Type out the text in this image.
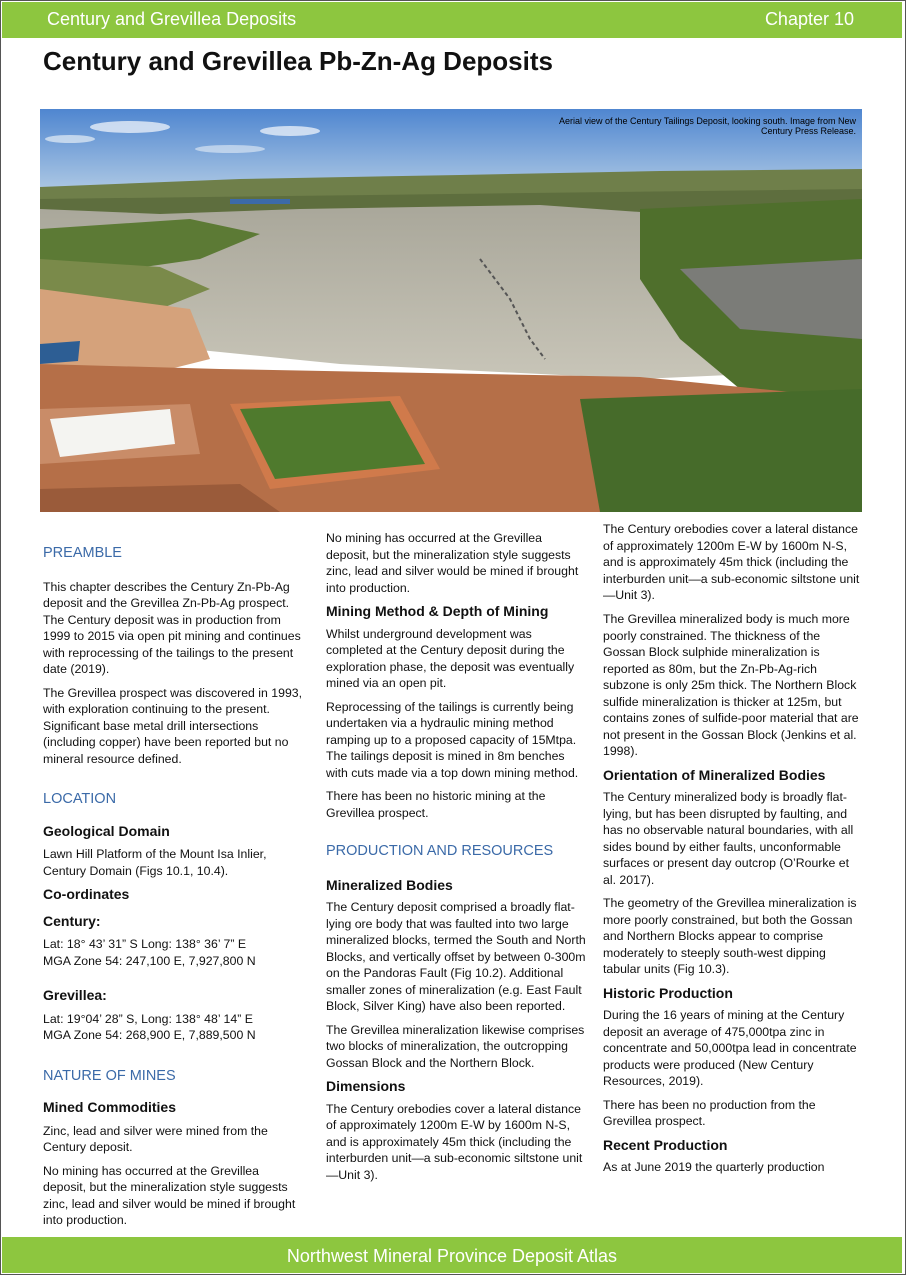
Century and Grevillea Deposits	Chapter 10
Century and Grevillea Pb-Zn-Ag Deposits
Aerial view of the Century Tailings Deposit, looking south. Image from New Century Press Release.

PREAMBLE

This chapter describes the Century Zn-Pb-Ag deposit and the Grevillea Zn-Pb-Ag prospect. The Century deposit was in production from 1999 to 2015 via open pit mining and continues with reprocessing of the tailings to the present date (2019).

The Grevillea prospect was discovered in 1993, with exploration continuing to the present. Significant base metal drill intersections (including copper) have been reported but no mineral resource defined.

LOCATION

Geological Domain

Lawn Hill Platform of the Mount Isa Inlier, Century Domain (Figs 10.1, 10.4).

Co-ordinates

Century:

Lat: 18° 43’ 31” S Long: 138° 36’ 7” E

MGA Zone 54: 247,100 E, 7,927,800 N

Grevillea:

Lat: 19°04’ 28” S, Long: 138° 48’ 14” E

MGA Zone 54: 268,900 E, 7,889,500 N

NATURE OF MINES

Mined Commodities

Zinc, lead and silver were mined from the Century deposit.

No mining has occurred at the Grevillea deposit, but the mineralization style suggests zinc, lead and silver would be mined if brought into production.

No mining has occurred at the Grevillea deposit, but the mineralization style suggests zinc, lead and silver would be mined if brought into production.

Mining Method & Depth of Mining

Whilst underground development was completed at the Century deposit during the exploration phase, the deposit was eventually mined via an open pit.

Reprocessing of the tailings is currently being undertaken via a hydraulic mining method ramping up to a proposed capacity of 15Mtpa. The tailings deposit is mined in 8m benches with cuts made via a top down mining method.

There has been no historic mining at the Grevillea prospect.

PRODUCTION AND RESOURCES

Mineralized Bodies

The Century deposit comprised a broadly flat-lying ore body that was faulted into two large mineralized blocks, termed the South and North Blocks, and vertically offset by between 0-300m on the Pandoras Fault (Fig 10.2). Additional smaller zones of mineralization (e.g. East Fault Block, Silver King) have also been reported.

The Grevillea mineralization likewise comprises two blocks of mineralization, the outcropping Gossan Block and the Northern Block.

Dimensions

The Century orebodies cover a lateral distance of approximately 1200m E-W by 1600m N-S, and is approximately 45m thick (including the interburden unit—a sub-economic siltstone unit—Unit 3).

The Century orebodies cover a lateral distance of approximately 1200m E-W by 1600m N-S, and is approximately 45m thick (including the interburden unit—a sub-economic siltstone unit—Unit 3).

The Grevillea mineralized body is much more poorly constrained. The thickness of the Gossan Block sulphide mineralization is reported as 80m, but the Zn-Pb-Ag-rich subzone is only 25m thick. The Northern Block sulfide mineralization is thicker at 125m, but contains zones of sulfide-poor material that are not present in the Gossan Block (Jenkins et al. 1998).

Orientation of Mineralized Bodies

The Century mineralized body is broadly flat-lying, but has been disrupted by faulting, and has no observable natural boundaries, with all sides bound by either faults, unconformable surfaces or present day outcrop (O’Rourke et al. 2017).

The geometry of the Grevillea mineralization is more poorly constrained, but both the Gossan and Northern Blocks appear to comprise moderately to steeply south-west dipping tabular units (Fig 10.3).

Historic Production

During the 16 years of mining at the Century deposit an average of 475,000tpa zinc in concentrate and 50,000tpa lead in concentrate products were produced (New Century Resources, 2019).

There has been no production from the Grevillea prospect.

Recent Production

As at June 2019 the quarterly production

Northwest Mineral Province Deposit Atlas
